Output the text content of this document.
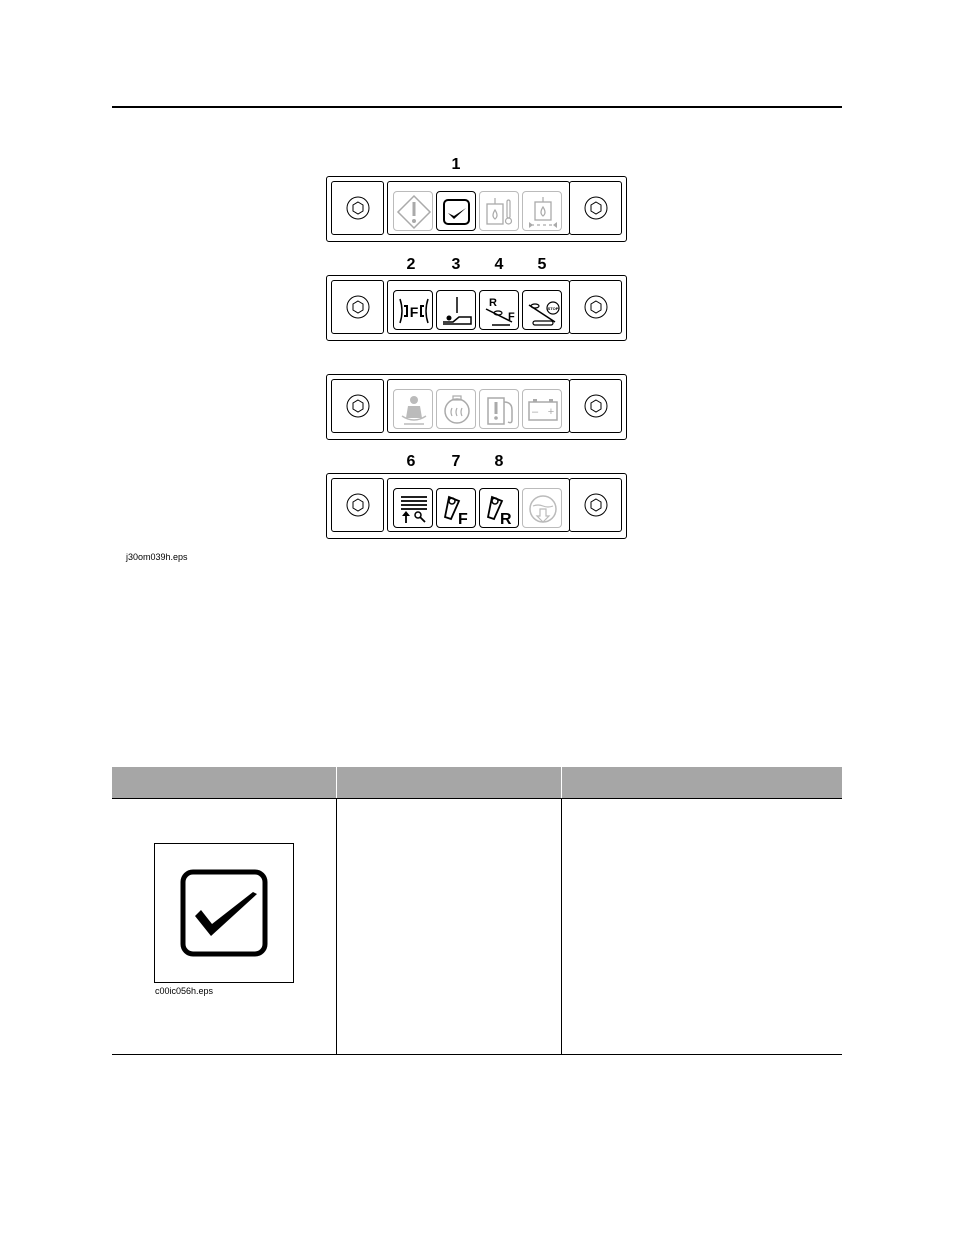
1
2	3	4	5
6	7	8
F
R
F
STOP
– +
F R
j30om039h.eps
c00ic056h.eps
